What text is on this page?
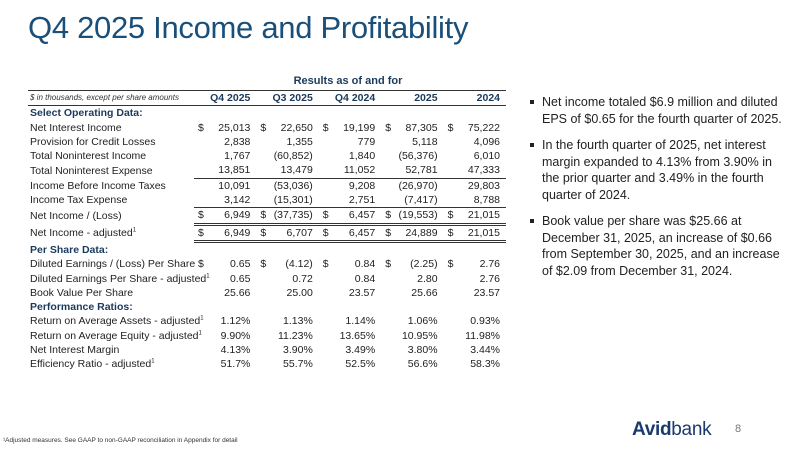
Q4 2025 Income and Profitability
Results as of and for
$ in thousands, except per share amounts	Q4 2025	Q3 2025	Q4 2024	2025	2024
Select Operating Data:					
Net Interest Income	$ 25,013	$ 22,650	$ 19,199	$ 87,305	$ 75,222
Provision for Credit Losses	2,838	1,355	779	5,118	4,096
Total Noninterest Income	1,767	(60,852)	1,840	(56,376)	6,010
Total Noninterest Expense	13,851	13,479	11,052	52,781	47,333
Income Before Income Taxes	10,091	(53,036)	9,208	(26,970)	29,803
Income Tax Expense	3,142	(15,301)	2,751	(7,417)	8,788
Net Income / (Loss)	$ 6,949	$ (37,735)	$ 6,457	$ (19,553)	$ 21,015
Net Income - adjusted$^1$	$ 6,949	$ 6,707	$ 6,457	$ 24,889	$ 21,015
Per Share Data:					
Diluted Earnings / (Loss) Per Share	$ 0.65	$ (4.12)	$ 0.84	$ (2.25)	$ 2.76
Diluted Earnings Per Share - adjusted$^1$	0.65	0.72	0.84	2.80	2.76
Book Value Per Share	25.66	25.00	23.57	25.66	23.57
Performance Ratios:					
Return on Average Assets - adjusted$^1$	1.12%	1.13%	1.14%	1.06%	0.93%
Return on Average Equity - adjusted$^1$	9.90%	11.23%	13.65%	10.95%	11.98%
Net Interest Margin	4.13%	3.90%	3.49%	3.80%	3.44%
Efficiency Ratio - adjusted$^1$	51.7%	55.7%	52.5%	56.6%	58.3%
Net income totaled $6.9 million and diluted EPS of $0.65 for the fourth quarter of 2025.
In the fourth quarter of 2025, net interest margin expanded to 4.13% from 3.90% in the prior quarter and 3.49% in the fourth quarter of 2024.
Book value per share was $25.66 at December 31, 2025, an increase of $0.66 from September 30, 2025, and an increase of $2.09 from December 31, 2024.
¹Adjusted measures. See GAAP to non-GAAP reconciliation in Appendix for detail
Avidbank 8
